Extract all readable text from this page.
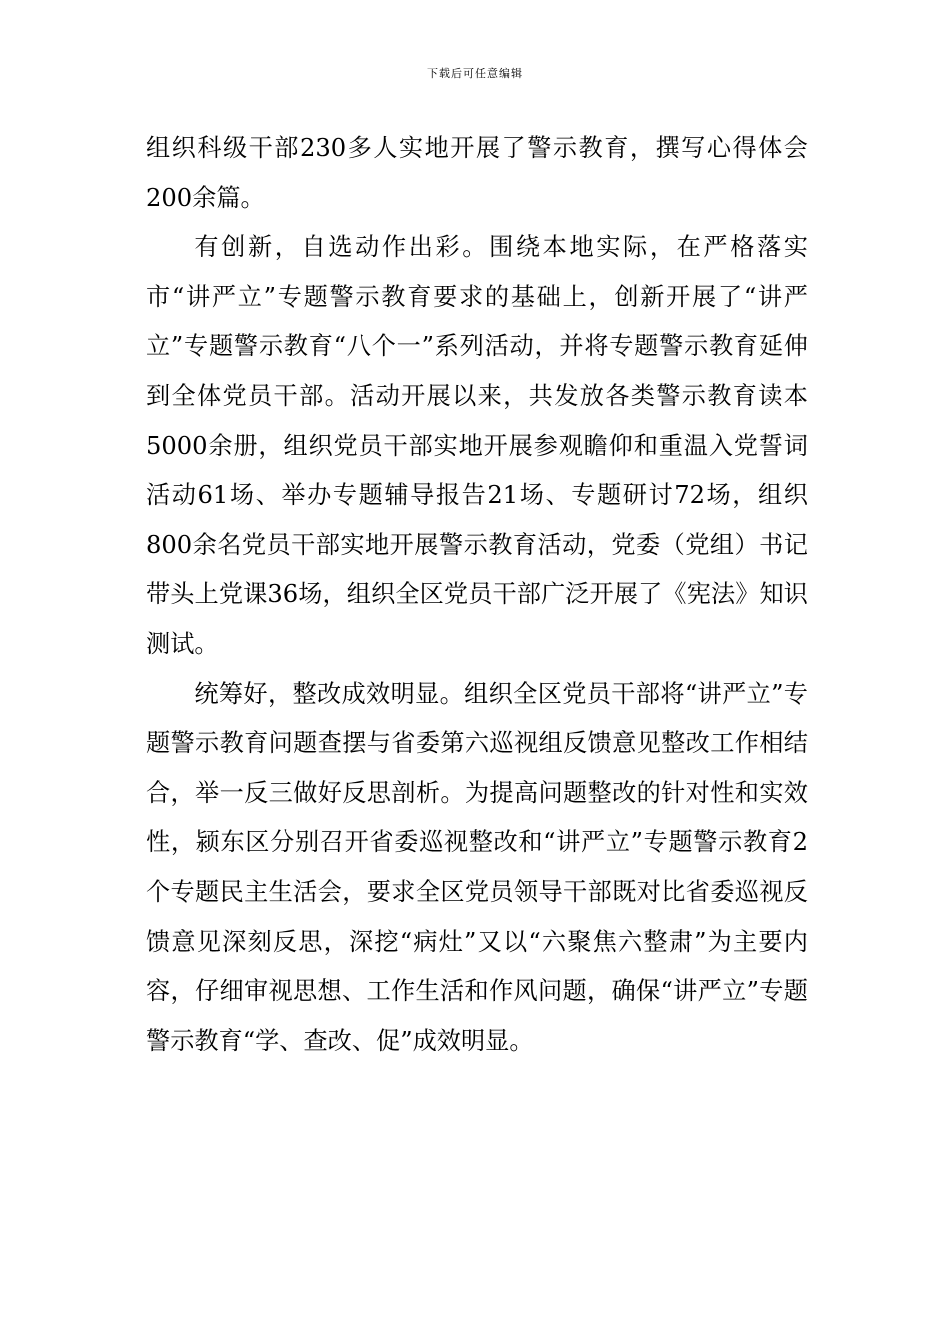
下载后可任意编辑

组织科级干部230多人实地开展了警示教育，撰写心得体会200余篇。

有创新，自选动作出彩。围绕本地实际，在严格落实市“讲严立”专题警示教育要求的基础上，创新开展了“讲严立”专题警示教育“八个一”系列活动，并将专题警示教育延伸到全体党员干部。活动开展以来，共发放各类警示教育读本5000余册，组织党员干部实地开展参观瞻仰和重温入党誓词活动61场、举办专题辅导报告21场、专题研讨72场，组织800余名党员干部实地开展警示教育活动，党委（党组）书记带头上党课36场，组织全区党员干部广泛开展了《宪法》知识测试。

统筹好，整改成效明显。组织全区党员干部将“讲严立”专题警示教育问题查摆与省委第六巡视组反馈意见整改工作相结合，举一反三做好反思剖析。为提高问题整改的针对性和实效性，颍东区分别召开省委巡视整改和“讲严立”专题警示教育2个专题民主生活会，要求全区党员领导干部既对比省委巡视反馈意见深刻反思，深挖“病灶”又以“六聚焦六整肃”为主要内容，仔细审视思想、工作生活和作风问题，确保“讲严立”专题警示教育“学、查改、促”成效明显。
